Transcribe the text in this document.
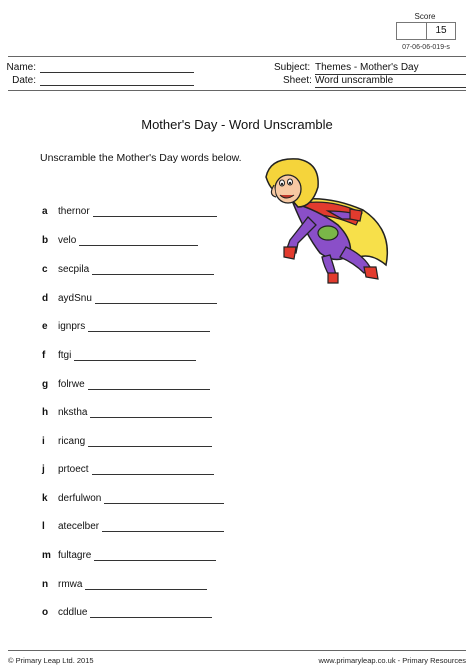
Score
15
07-06-06-019-s
Name:
Date:
Subject: Themes - Mother's Day
Sheet: Word unscramble
Mother's Day - Word Unscramble
Unscramble the Mother's Day words below.
a	thernor
b velo
c	secpila
d aydSnu
e	ignprs
f	ftgi
g folrwe
h nkstha
i	ricang
j	prtoect
k	derfulwon
l	atecelber
m fultagre
n rmwa
o cddlue
© Primary Leap Ltd. 2015	www.primaryleap.co.uk - Primary Resources
